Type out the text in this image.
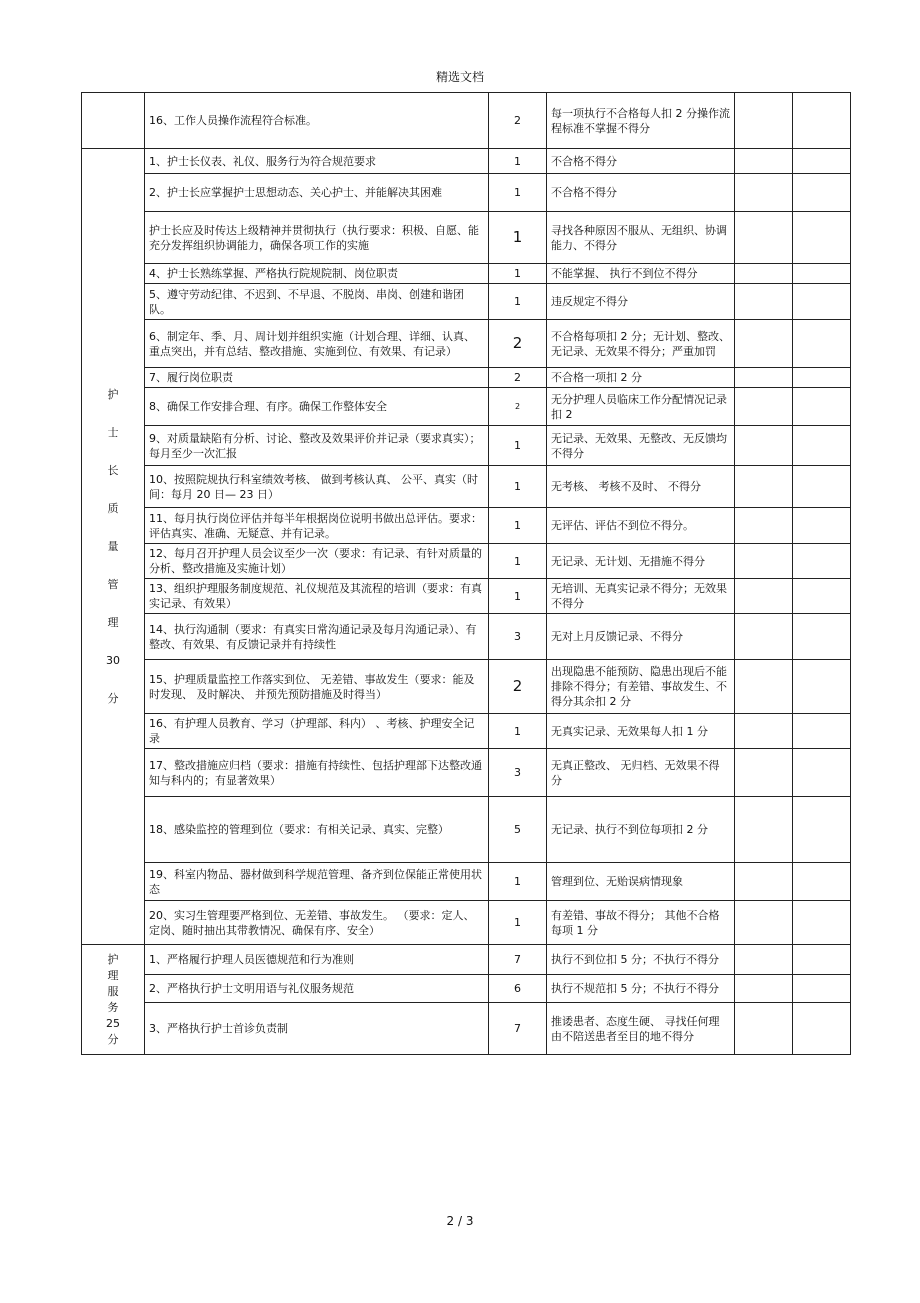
精选文档
	16、工作人员操作流程符合标准。	2	每一项执行不合格每人扣 2 分操作流程标准不掌握不得分		
护士长质量管理30分	1、护士长仪表、礼仪、服务行为符合规范要求	1	不合格不得分		
	2、护士长应掌握护士思想动态、关心护士、并能解决其困难	1	不合格不得分		
	护士长应及时传达上级精神并贯彻执行（执行要求：积极、自愿、能充分发挥组织协调能力，确保各项工作的实施	1	寻找各种原因不服从、无组织、协调能力、不得分		
	4、护士长熟练掌握、严格执行院规院制、岗位职责	1	不能掌握、 执行不到位不得分		
	5、遵守劳动纪律、不迟到、不早退、不脱岗、串岗、创建和谐团队。	1	违反规定不得分		
	6、制定年、季、月、周计划并组织实施（计划合理、详细、认真、重点突出，并有总结、整改措施、实施到位、有效果、有记录）	2	不合格每项扣 2 分；无计划、整改、无记录、无效果不得分；严重加罚		
	7、履行岗位职责	2	不合格一项扣 2 分		
	8、确保工作安排合理、有序。确保工作整体安全	2	无分护理人员临床工作分配情况记录扣 2		
	9、对质量缺陷有分析、讨论、整改及效果评价并记录（要求真实）；每月至少一次汇报	1	无记录、无效果、无整改、无反馈均不得分		
	10、按照院规执行科室绩效考核、 做到考核认真、 公平、真实（时间：每月 20 日— 23 日）	1	无考核、 考核不及时、 不得分		
	11、每月执行岗位评估并每半年根据岗位说明书做出总评估。要求：评估真实、准确、无疑意、并有记录。	1	无评估、评估不到位不得分。		
	12、每月召开护理人员会议至少一次（要求：有记录、有针对质量的分析、整改措施及实施计划）	1	无记录、无计划、无措施不得分		
	13、组织护理服务制度规范、礼仪规范及其流程的培训（要求：有真实记录、有效果）	1	无培训、无真实记录不得分；无效果不得分		
	14、执行沟通制（要求：有真实日常沟通记录及每月沟通记录）、有整改、有效果、有反馈记录并有持续性	3	无对上月反馈记录、不得分		
	15、护理质量监控工作落实到位、 无差错、事故发生（要求：能及时发现、 及时解决、 并预先预防措施及时得当）	2	出现隐患不能预防、隐患出现后不能排除不得分；有差错、事故发生、不得分其余扣 2 分		
	16、有护理人员教育、学习（护理部、科内） 、考核、护理安全记录	1	无真实记录、无效果每人扣 1 分		
	17、整改措施应归档（要求：措施有持续性、包括护理部下达整改通知与科内的；有显著效果）	3	无真正整改、 无归档、无效果不得分		
	18、感染监控的管理到位（要求：有相关记录、真实、完整）	5	无记录、执行不到位每项扣 2 分		
	19、科室内物品、器材做到科学规范管理、备齐到位保能正常使用状态	1	管理到位、无贻误病情现象		
	20、实习生管理要严格到位、无差错、事故发生。 （要求：定人、定岗、随时抽出其带教情况、确保有序、安全）	1	有差错、事故不得分； 其他不合格每项 1 分		
护理服务25分	1、严格履行护理人员医德规范和行为准则	7	执行不到位扣 5 分；不执行不得分		
	2、严格执行护士文明用语与礼仪服务规范	6	执行不规范扣 5 分；不执行不得分		
	3、严格执行护士首诊负责制	7	推诿患者、态度生硬、 寻找任何理由不陪送患者至目的地不得分		
2 / 3
